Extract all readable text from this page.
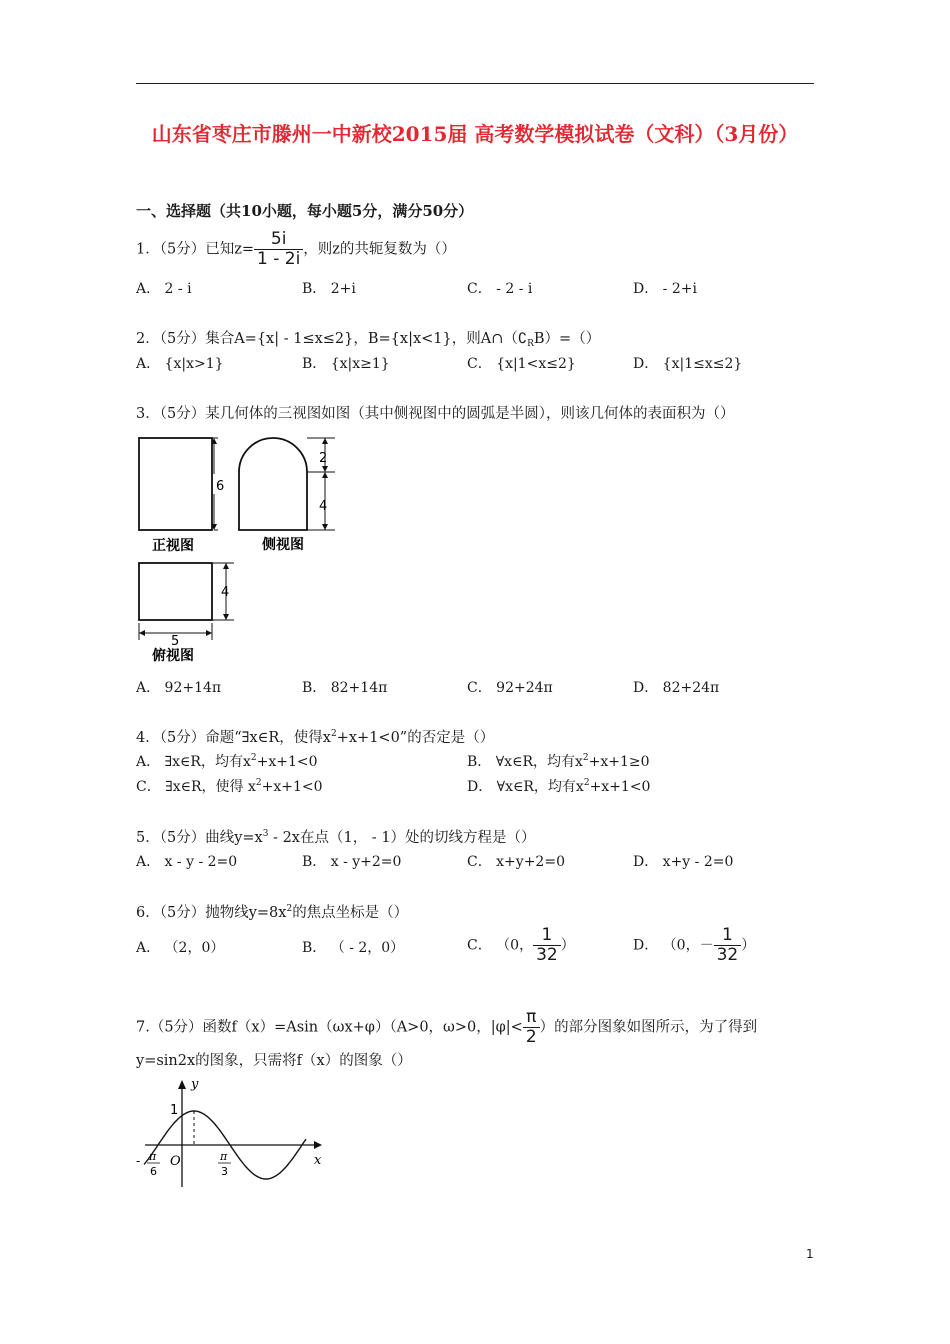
山东省枣庄市滕州一中新校2015届 高考数学模拟试卷（文科）（3月份）
一、选择题（共10小题，每小题5分，满分50分）
1．（5分）已知$z= \frac{5i}{1 - 2i}$ ，则z的共轭复数为（）
A． 2 - i	B． 2+i	C． - 2 - i	D． - 2+i
2．（5分）集合A={x| - 1≤x≤2}，B={x|x<1}，则$A\cap(∁_RB)=()$
A． {x|x>1}	B． {x|x≥1}	C． {x|1<x≤2}	D． {x|1≤x≤2}
3．（5分）某几何体的三视图如图（其中侧视图中的圆弧是半圆），则该几何体的表面积为（）
6
正视图
2
4
侧视图
4
5
俯视图
A． 92+14π	B． 82+14π	C． 92+24π	D． 82+24π
4．（5分）命题“∃x∈R，使得$x^2+x+1<0$”的否定是（）
A． ∃x∈R，均有$x^2+x+1<0$	B． ∀x∈R，均有$x^2+x+1\ge 0$
C． ∃x∈R，使得 $x^2+x+1<0$	D． ∀x∈R，均有$x^2+x+1<0$
5．（5分）曲线$y=x^3 - 2x$在点（1， - 1）处的切线方程是（）
A． x - y - 2=0	B． x - y+2=0	C． x+y+2=0	D． x+y - 2=0
6．（5分）抛物线$y=8x^2$的焦点坐标是（）
A． （2，0）	B． （ - 2，0）	C． （0， $\frac{1}{32}$ ）	D． （0，－ $\frac{1}{32}$ ）
7.（5分）函数f（x）=Asin（ωx+φ）（A>0，ω>0，$|\varphi|< \frac{\pi}{2}$ ）的部分图象如图所示，为了得到
y=sin2x的图象，只需将f（x）的图象（）
y
x
1
O
- π
6
π
3
1
